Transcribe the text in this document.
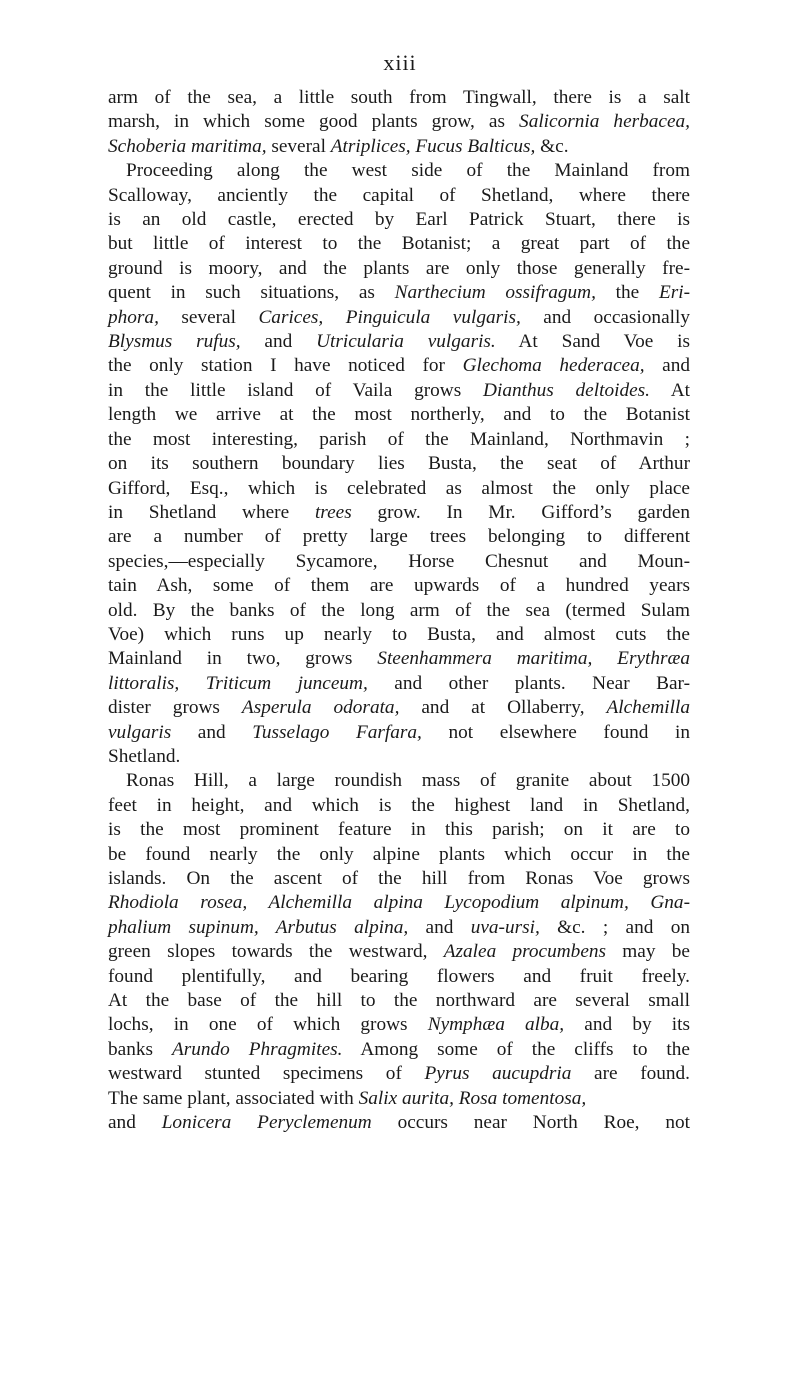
xiii
arm of the sea, a little south from Tingwall, there is a salt
marsh, in which some good plants grow, as Salicornia herbacea,
Schoberia maritima, several Atriplices, Fucus Balticus, &c.
Proceeding along the west side of the Mainland from
Scalloway, anciently the capital of Shetland, where there
is an old castle, erected by Earl Patrick Stuart, there is
but little of interest to the Botanist; a great part of the
ground is moory, and the plants are only those generally fre-
quent in such situations, as Narthecium ossifragum, the Eri-
phora, several Carices, Pinguicula vulgaris, and occasionally
Blysmus rufus, and Utricularia vulgaris. At Sand Voe is
the only station I have noticed for Glechoma hederacea, and
in the little island of Vaila grows Dianthus deltoides. At
length we arrive at the most northerly, and to the Botanist
the most interesting, parish of the Mainland, Northmavin ;
on its southern boundary lies Busta, the seat of Arthur
Gifford, Esq., which is celebrated as almost the only place
in Shetland where trees grow. In Mr. Gifford’s garden
are a number of pretty large trees belonging to different
species,—especially Sycamore, Horse Chesnut and Moun-
tain Ash, some of them are upwards of a hundred years
old. By the banks of the long arm of the sea (termed Sulam
Voe) which runs up nearly to Busta, and almost cuts the
Mainland in two, grows Steenhammera maritima, Erythræa
littoralis, Triticum junceum, and other plants. Near Bar-
dister grows Asperula odorata, and at Ollaberry, Alchemilla
vulgaris and Tusselago Farfara, not elsewhere found in
Shetland.
Ronas Hill, a large roundish mass of granite about 1500
feet in height, and which is the highest land in Shetland,
is the most prominent feature in this parish; on it are to
be found nearly the only alpine plants which occur in the
islands. On the ascent of the hill from Ronas Voe grows
Rhodiola rosea, Alchemilla alpina Lycopodium alpinum, Gna-
phalium supinum, Arbutus alpina, and uva-ursi, &c. ; and on
green slopes towards the westward, Azalea procumbens may be
found plentifully, and bearing flowers and fruit freely.
At the base of the hill to the northward are several small
lochs, in one of which grows Nymphæa alba, and by its
banks Arundo Phragmites. Among some of the cliffs to the
westward stunted specimens of Pyrus aucupdria are found.
The same plant, associated with Salix aurita, Rosa tomentosa,
and Lonicera Peryclemenum occurs near North Roe, not
